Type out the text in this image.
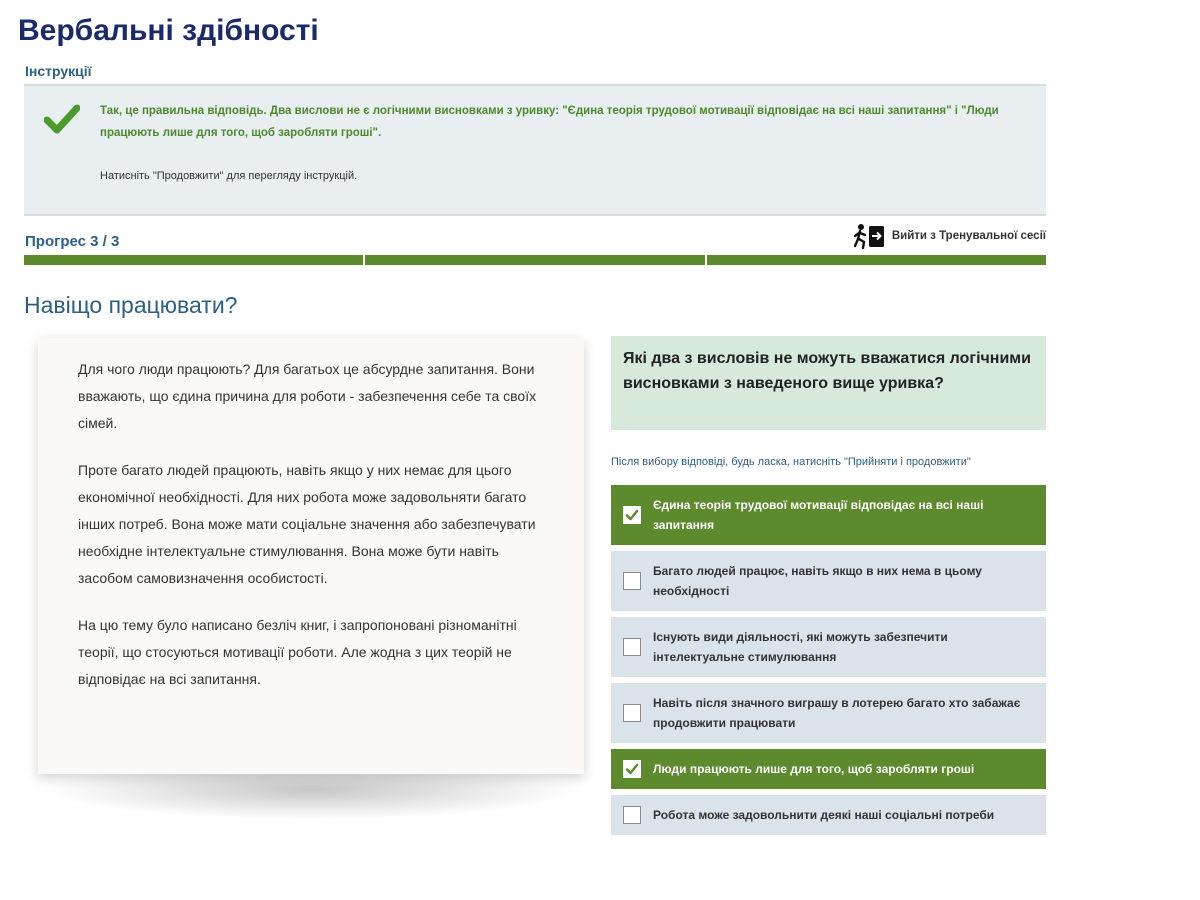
Вербальні здібності
Інструкції
Так, це правильна відповідь. Два вислови не є логічними висновками з уривку: "Єдина теорія трудової мотивації відповідає на всі наші запитання" і "Люди працюють лише для того, щоб заробляти гроші".
Натисніть "Продовжити" для перегляду інструкцій.
Прогрес 3 / 3	Вийти з Тренувальної сесії
Навіщо працювати?

Для чого люди працюють? Для багатьох це абсурдне запитання. Вони вважають, що єдина причина для роботи - забезпечення себе та своїх сімей.

Проте багато людей працюють, навіть якщо у них немає для цього економічної необхідності. Для них робота може задовольняти багато інших потреб. Вона може мати соціальне значення або забезпечувати необхідне інтелектуальне стимулювання. Вона може бути навіть засобом самовизначення особистості.

На цю тему було написано безліч книг, і запропоновані різноманітні теорії, що стосуються мотивації роботи. Але жодна з цих теорій не відповідає на всі запитання.

Які два з висловів не можуть вважатися логічними висновками з наведеного вище уривка?
Після вибору відповіді, будь ласка, натисніть "Прийняти і продовжити"
Єдина теорія трудової мотивації відповідає на всі наші запитання
Багато людей працює, навіть якщо в них нема в цьому необхідності
Існують види діяльності, які можуть забезпечити інтелектуальне стимулювання
Навіть після значного виграшу в лотерею багато хто забажає продовжити працювати
Люди працюють лише для того, щоб заробляти гроші
Робота може задовольнити деякі наші соціальні потреби
